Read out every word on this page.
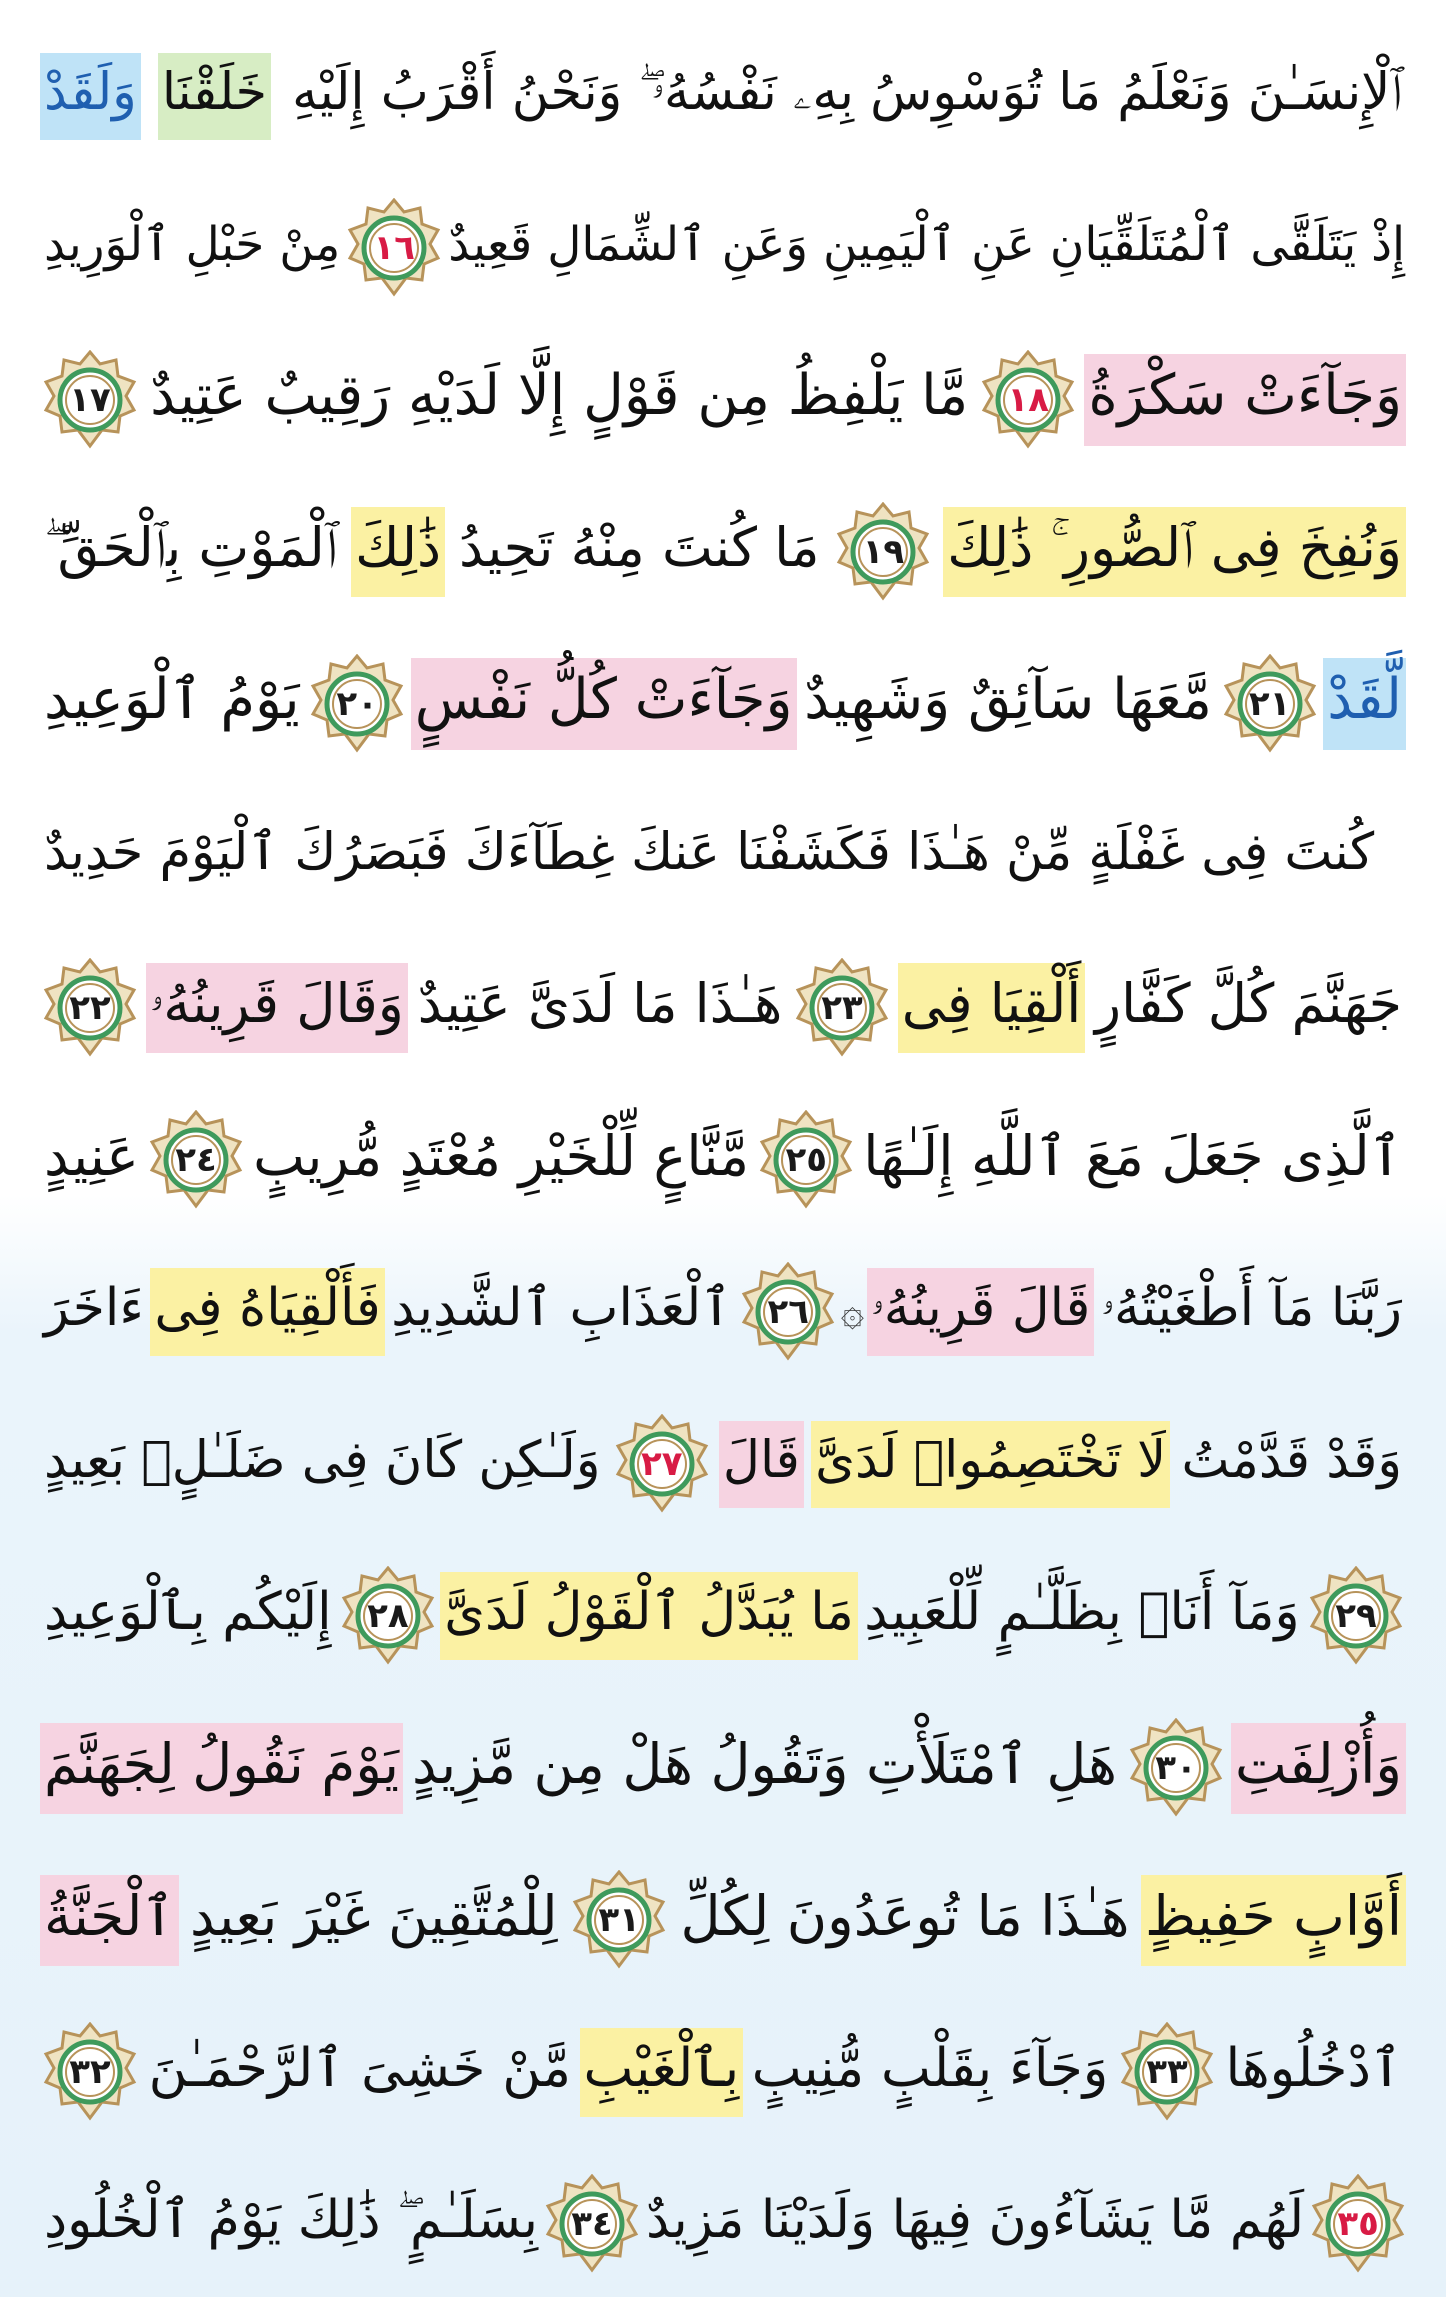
وَلَقَدْ خَلَقْنَا ٱلْإِنسَـٰنَ وَنَعْلَمُ مَا تُوَسْوِسُ بِهِۦ نَفْسُهُۥ ۖ وَنَحْنُ أَقْرَبُ إِلَيْهِ
مِنْ حَبْلِ ٱلْوَرِيدِ ١٦ إِذْ يَتَلَقَّى ٱلْمُتَلَقِّيَانِ عَنِ ٱلْيَمِينِ وَعَنِ ٱلشِّمَالِ قَعِيدٌ
١٧ مَّا يَلْفِظُ مِن قَوْلٍ إِلَّا لَدَيْهِ رَقِيبٌ عَتِيدٌ	١٨ وَجَآءَتْ سَكْرَةُ
ٱلْمَوْتِ بِٱلْحَقِّ ۖ ذَٰلِكَ مَا كُنتَ مِنْهُ تَحِيدُ	١٩ وَنُفِخَ فِى ٱلصُّورِ ۚ ذَٰلِكَ
يَوْمُ ٱلْوَعِيدِ	٢٠ وَجَآءَتْ كُلُّ نَفْسٍ مَّعَهَا سَآئِقٌ وَشَهِيدٌ	٢١ لَّقَدْ
كُنتَ فِى غَفْلَةٍ مِّنْ هَـٰذَا فَكَشَفْنَا عَنكَ غِطَآءَكَ فَبَصَرُكَ ٱلْيَوْمَ حَدِيدٌ
٢٢ وَقَالَ قَرِينُهُۥ هَـٰذَا مَا لَدَىَّ عَتِيدٌ	٢٣ أَلْقِيَا فِى جَهَنَّمَ كُلَّ كَفَّارٍ
عَنِيدٍ	٢٤ مَّنَّاعٍ لِّلْخَيْرِ مُعْتَدٍ مُّرِيبٍ	٢٥ ٱلَّذِى جَعَلَ مَعَ ٱللَّهِ إِلَـٰهًا
ءَاخَرَ فَأَلْقِيَاهُ فِى ٱلْعَذَابِ ٱلشَّدِيدِ	٢٦ ۞ قَالَ قَرِينُهُۥ رَبَّنَا مَآ أَطْغَيْتُهُۥ
وَلَـٰكِن كَانَ فِى ضَلَـٰلٍۭ بَعِيدٍ	٢٧ قَالَ لَا تَخْتَصِمُوا۟ لَدَىَّ وَقَدْ قَدَّمْتُ
إِلَيْكُم بِٱلْوَعِيدِ	٢٨ مَا يُبَدَّلُ ٱلْقَوْلُ لَدَىَّ وَمَآ أَنَا۠ بِظَلَّـٰمٍ لِّلْعَبِيدِ	٢٩
يَوْمَ نَقُولُ لِجَهَنَّمَ هَلِ ٱمْتَلَأْتِ وَتَقُولُ هَلْ مِن مَّزِيدٍ	٣٠ وَأُزْلِفَتِ
ٱلْجَنَّةُ لِلْمُتَّقِينَ غَيْرَ بَعِيدٍ	٣١ هَـٰذَا مَا تُوعَدُونَ لِكُلِّ أَوَّابٍ حَفِيظٍ
٣٢ مَّنْ خَشِىَ ٱلرَّحْمَـٰنَ بِٱلْغَيْبِ وَجَآءَ بِقَلْبٍ مُّنِيبٍ	٣٣ ٱدْخُلُوهَا
بِسَلَـٰمٍ ۖ ذَٰلِكَ يَوْمُ ٱلْخُلُودِ ٣٤ لَهُم مَّا يَشَآءُونَ فِيهَا وَلَدَيْنَا مَزِيدٌ ٣٥
